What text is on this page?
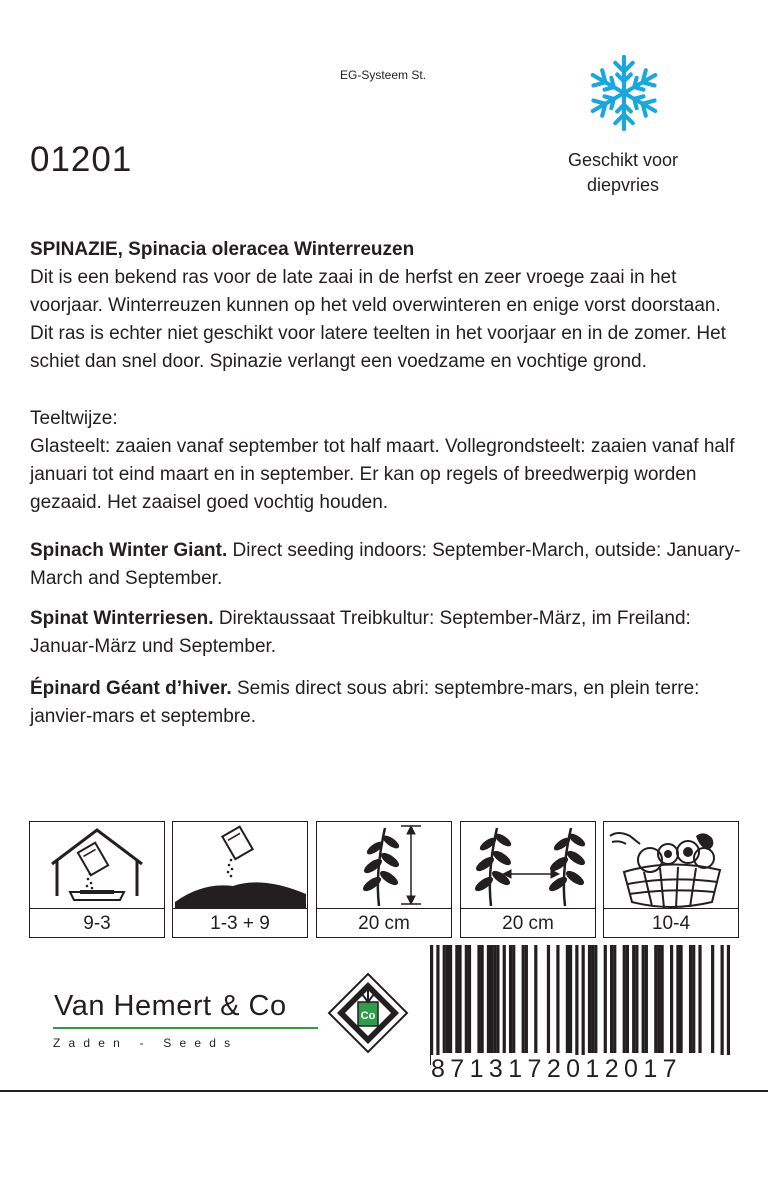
EG-Systeem St.
01201	Geschikt voor diepvries

SPINAZIE, Spinacia oleracea Winterreuzen
Dit is een bekend ras voor de late zaai in de herfst en zeer vroege zaai in het voorjaar. Winterreuzen kunnen op het veld overwinteren en enige vorst doorstaan. Dit ras is echter niet geschikt voor latere teelten in het voorjaar en in de zomer. Het schiet dan snel door. Spinazie verlangt een voedzame en vochtige grond.

Teeltwijze:
Glasteelt: zaaien vanaf september tot half maart. Vollegrondsteelt: zaaien vanaf half januari tot eind maart en in september. Er kan op regels of breedwerpig worden gezaaid. Het zaaisel goed vochtig houden.

Spinach Winter Giant. Direct seeding indoors: September-March, outside: January-March and September.

Spinat Winterriesen. Direktaussaat Treibkultur: September-März, im Freiland: Januar-März und September.

Épinard Géant d’hiver. Semis direct sous abri: septembre-mars, en plein terre: janvier-mars et septembre.

9-3	1-3 + 9	20 cm	20 cm	10-4
Van Hemert & Co
Zaden - Seeds
Co
8713172012017
